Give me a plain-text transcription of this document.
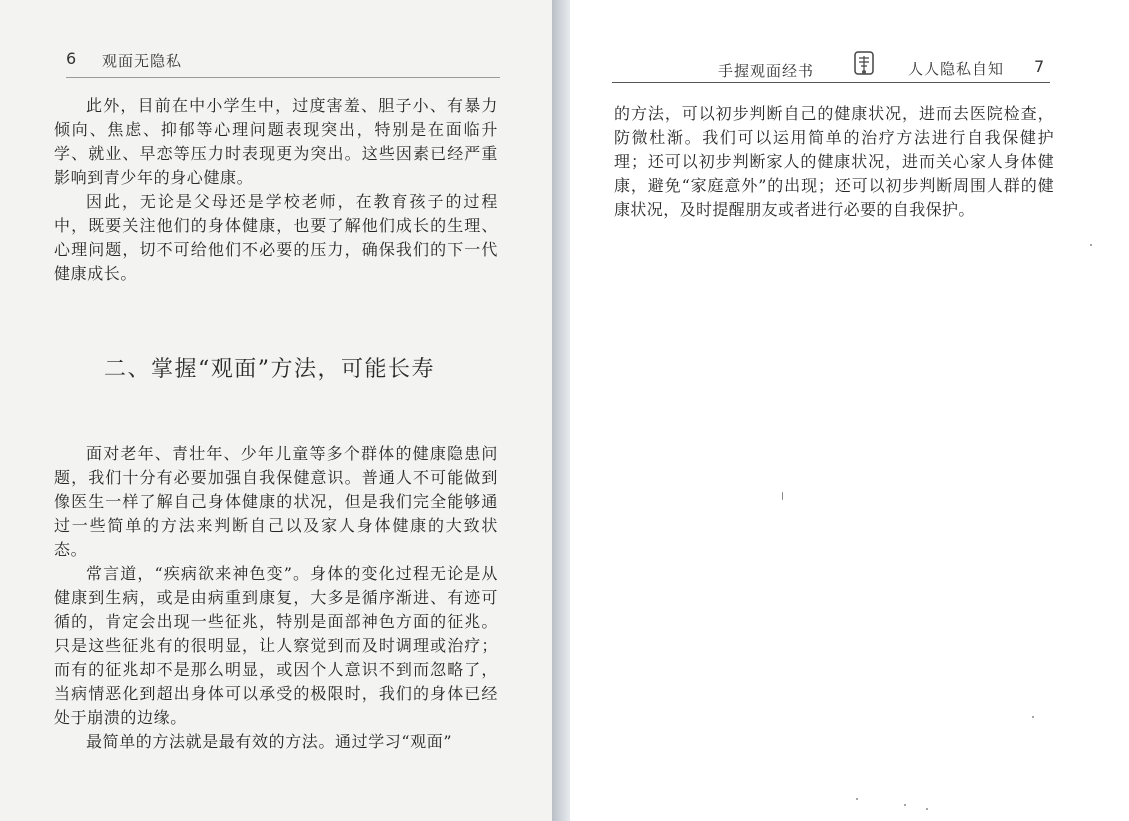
6 观面无隐私

此外，目前在中小学生中，过度害羞、胆子小、有暴力倾向、焦虑、抑郁等心理问题表现突出，特别是在面临升学、就业、早恋等压力时表现更为突出。这些因素已经严重影响到青少年的身心健康。

因此，无论是父母还是学校老师，在教育孩子的过程中，既要关注他们的身体健康，也要了解他们成长的生理、心理问题，切不可给他们不必要的压力，确保我们的下一代健康成长。

二、掌握“观面”方法，可能长寿

面对老年、青壮年、少年儿童等多个群体的健康隐患问题，我们十分有必要加强自我保健意识。普通人不可能做到像医生一样了解自己身体健康的状况，但是我们完全能够通过一些简单的方法来判断自己以及家人身体健康的大致状态。

常言道，“疾病欲来神色变”。身体的变化过程无论是从健康到生病，或是由病重到康复，大多是循序渐进、有迹可循的，肯定会出现一些征兆，特别是面部神色方面的征兆。只是这些征兆有的很明显，让人察觉到而及时调理或治疗；而有的征兆却不是那么明显，或因个人意识不到而忽略了，当病情恶化到超出身体可以承受的极限时，我们的身体已经处于崩溃的边缘。

最简单的方法就是最有效的方法。通过学习“观面”

手握观面经书	人人隐私自知 7

的方法，可以初步判断自己的健康状况，进而去医院检查，防微杜渐。我们可以运用简单的治疗方法进行自我保健护理；还可以初步判断家人的健康状况，进而关心家人身体健康，避免“家庭意外”的出现；还可以初步判断周围人群的健康状况，及时提醒朋友或者进行必要的自我保护。
